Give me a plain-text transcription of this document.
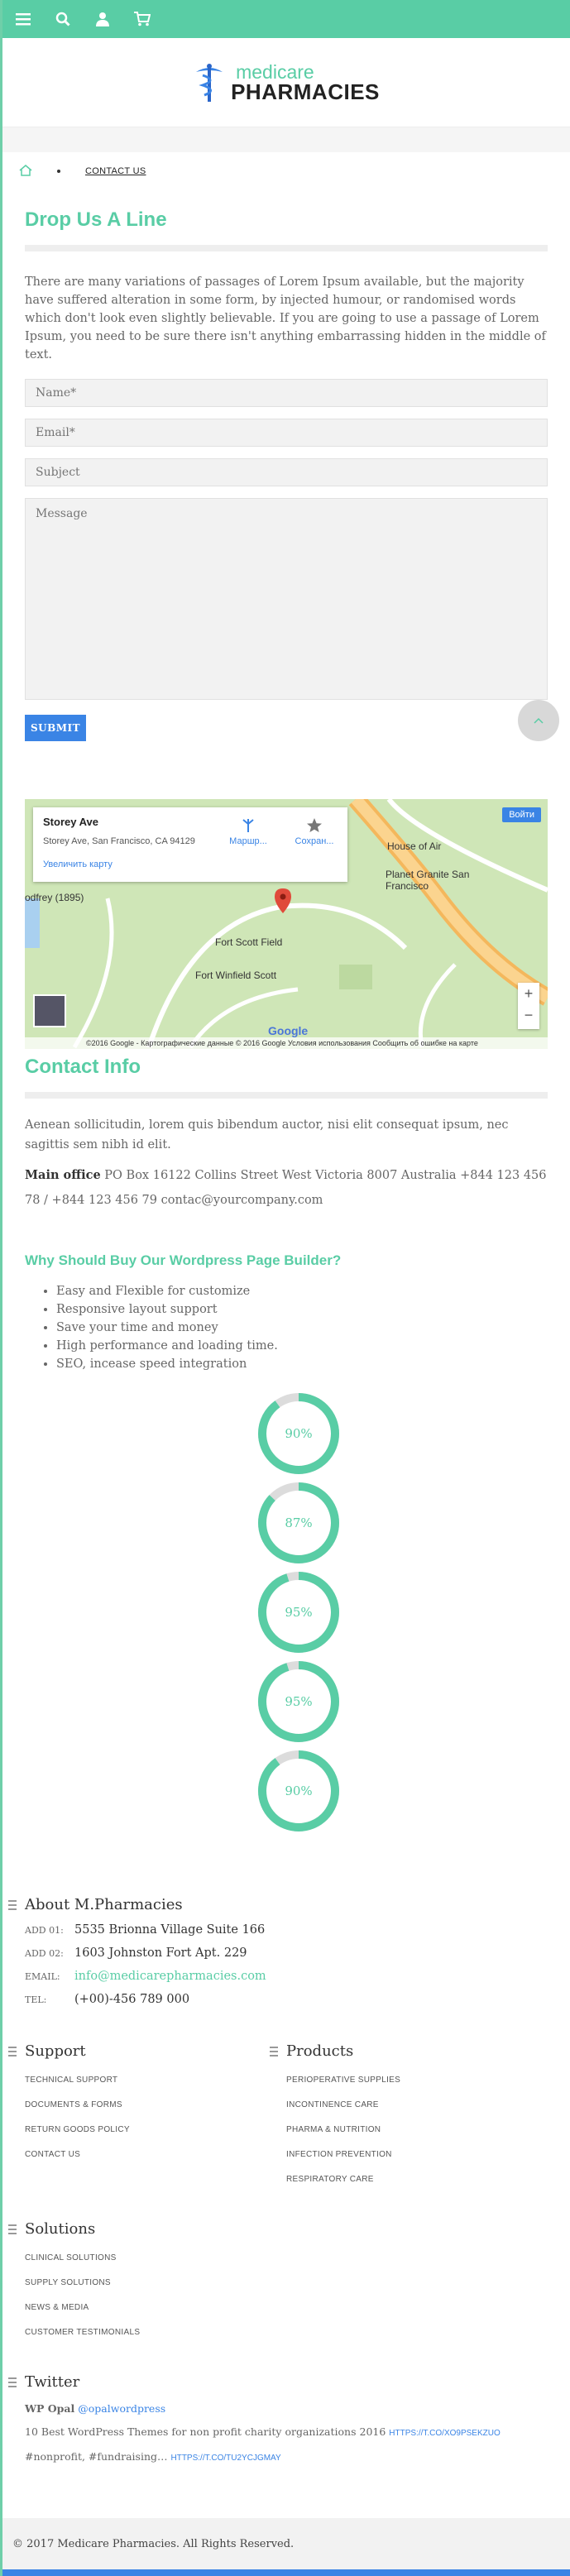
medicare
PHARMACIES
CONTACT US
Drop Us A Line

There are many variations of passages of Lorem Ipsum available, but the majority have suffered alteration in some form, by injected humour, or randomised words which don't look even slightly believable. If you are going to use a passage of Lorem Ipsum, you need to be sure there isn't anything embarrassing hidden in the middle of text.

Name*
Email*
Subject
Message SUBMIT
Storey Ave
Storey Ave, San Francisco, CA 94129
Увеличить карту
Маршр...	Сохран...
Войти
House of Air
Planet Granite San Francisco
Fort Scott Field
Fort Winfield Scott
odfrey (1895)
+
−
Google
©2016 Google - Картографические данные © 2016 Google Условия использования Сообщить об ошибке на карте
Contact Info

Aenean sollicitudin, lorem quis bibendum auctor, nisi elit consequat ipsum, nec sagittis sem nibh id elit.

Main office PO Box 16122 Collins Street West Victoria 8007 Australia +844 123 456 78 / +844 123 456 79 contac@yourcompany.com

Why Should Buy Our Wordpress Page Builder?
• Easy and Flexible for customize
• Responsive layout support
• Save your time and money
• High performance and loading time.
• SEO, incease speed integration
90%
87%
95%
95%
90%
About M.Pharmacies
ADD 01: 5535 Brionna Village Suite 166
ADD 02: 1603 Johnston Fort Apt. 229
EMAIL:	info@medicarepharmacies.com
TEL:	(+00)-456 789 000
Support
TECHNICAL SUPPORT
DOCUMENTS & FORMS
RETURN GOODS POLICY
CONTACT US
Products
PERIOPERATIVE SUPPLIES
INCONTINENCE CARE
PHARMA & NUTRITION
INFECTION PREVENTION
RESPIRATORY CARE
Solutions
CLINICAL SOLUTIONS
SUPPLY SOLUTIONS
NEWS & MEDIA
CUSTOMER TESTIMONIALS
Twitter

WP Opal @opalwordpress

10 Best WordPress Themes for non profit charity organizations 2016 HTTPS://T.CO/XO9PSEKZUO #nonprofit, #fundraising… HTTPS://T.CO/TU2YCJGMAY

© 2017 Medicare Pharmacies. All Rights Reserved.
